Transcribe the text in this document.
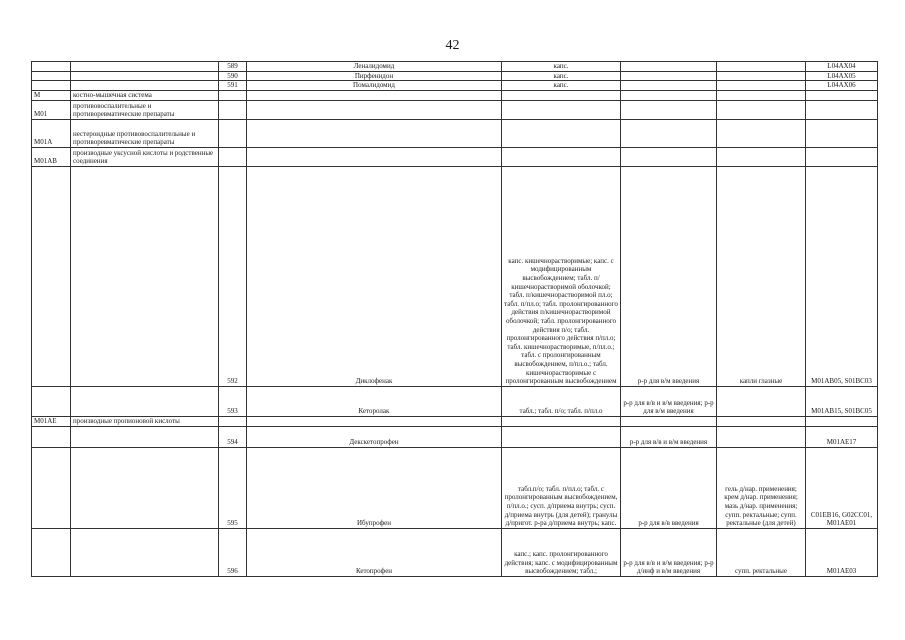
42
		589	Леналидомид	капс.			L04AX04
		590	Пирфенидон	капс.			L04AX05
		591	Помалидомид	капс.			L04AX06
M	костно-мышечная система						
M01	противовоспалительные и противоревматические препараты						
M01A	нестероидные противовоспалительные и противоревматические препараты						
M01AB	производные уксусной кислоты и родственные соединения						
		592	Диклофенак	капс. кишечнорастворимые; капс. с модифицированным высвобождением; табл. п/кишечнорастворимой оболочкой; табл. п/кишечнорастворимой пл.о; табл. п/пл.о; табл. пролонгированного действия п/кишечнорастворимой оболочкой; табл. пролонгированного действия п/о; табл. пролонгированного действия п/пл.о; табл. кишечнорастворимые, п/пл.о.; табл. с пролонгированным высвобождением, п/пл.о.; табл. кишечнорастворимые с пролонгированным высвобождением	р-р для в/м введения	капли глазные	M01AB05, S01BC03
		593	Кеторолак	табл.; табл. п/о; табл. п/пл.о	р-р для в/в и в/м введения; р-р для в/м введения		M01AB15, S01BC05
M01AE	производные пропионовой кислоты						
		594	Декскетопрофен		р-р для в/в и в/м введения		M01AE17
		595	Ибупрофен	табл.п/о; табл. п/пл.о; табл. с пролонгированным высвобождением, п/пл.о.; сусп. д/приема внутрь; сусп. д/приема внутрь (для детей); гранулы д/пригот. р-ра д/приема внутрь; капс.	р-р для в/в введения	гель д/нар. применения; крем д/нар. применения; мазь д/нар. применения; супп. ректальные; супп. ректальные (для детей)	C01EB16, G02CC01, M01AE01
		596	Кетопрофен	капс.; капс. пролонгированного действия; капс. с модифицированным высвобождением; табл.;	р-р для в/в и в/м введения; р-р д/инф и в/м введения	супп. ректальные	M01AE03
